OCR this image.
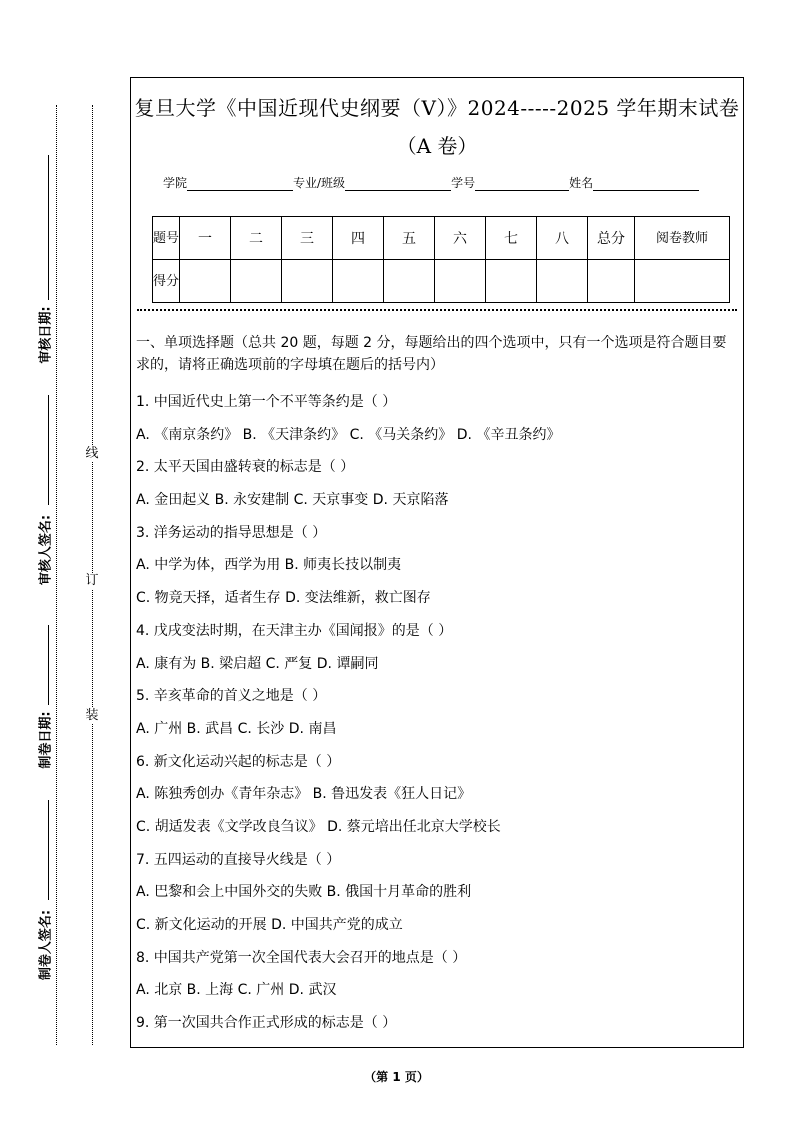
线
订
装
审核日期:
审核人签名:
制卷日期:
制卷人签名:
复旦大学《中国近现代史纲要（V）》2024-----2025 学年期末试卷
（A 卷）
学院	专业/班级	学号	姓名
题号	一	二	三	四	五	六	七	八	总分	阅卷教师
得分										
一、单项选择题（总共 20 题，每题 2 分，每题给出的四个选项中，只有一个选项是符合题目要求的，请将正确选项前的字母填在题后的括号内）
1. 中国近代史上第一个不平等条约是（ ）
A. 《南京条约》 B. 《天津条约》 C. 《马关条约》 D. 《辛丑条约》
2. 太平天国由盛转衰的标志是（ ）
A. 金田起义 B. 永安建制 C. 天京事变 D. 天京陷落
3. 洋务运动的指导思想是（ ）
A. 中学为体，西学为用 B. 师夷长技以制夷
C. 物竞天择，适者生存 D. 变法维新，救亡图存
4. 戊戌变法时期，在天津主办《国闻报》的是（ ）
A. 康有为 B. 梁启超 C. 严复 D. 谭嗣同
5. 辛亥革命的首义之地是（ ）
A. 广州 B. 武昌 C. 长沙 D. 南昌
6. 新文化运动兴起的标志是（ ）
A. 陈独秀创办《青年杂志》 B. 鲁迅发表《狂人日记》
C. 胡适发表《文学改良刍议》 D. 蔡元培出任北京大学校长
7. 五四运动的直接导火线是（ ）
A. 巴黎和会上中国外交的失败 B. 俄国十月革命的胜利
C. 新文化运动的开展 D. 中国共产党的成立
8. 中国共产党第一次全国代表大会召开的地点是（ ）
A. 北京 B. 上海 C. 广州 D. 武汉
9. 第一次国共合作正式形成的标志是（ ）
（第 1 页）
